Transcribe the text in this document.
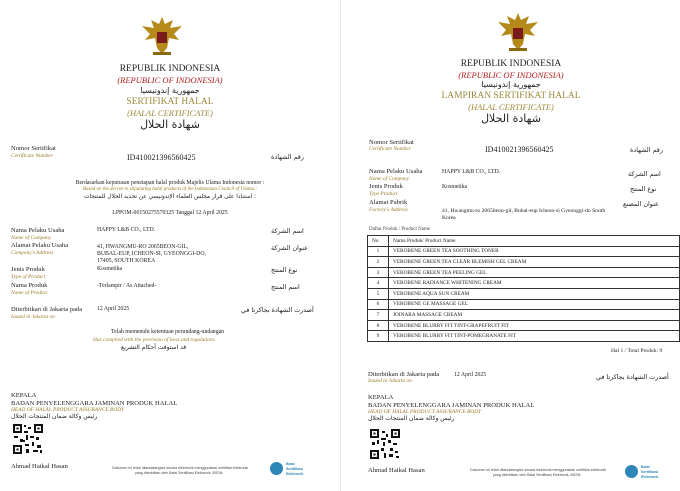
REPUBLIK INDONESIA
(REPUBLIC OF INDONESIA)
جمهورية إندونيسيا
SERTIFIKAT HALAL
(HALAL CERTIFICATE)
شهادة الحلال
Nomor Sertifikat
Certificate Number	ID410021396560425	رقم الشهادة
Berdasarkan keputusan penetapan halal produk Majelis Ulama Indonesia nomor :
Based on the decree to stipulating halal products of the Indonesian Council of Ulama :
استنادا على قرار مجلس العلماء الإندونيسي عن تحديد الحلال للمنتجات :
LPPOM-00150275570325 Tanggal 12 April 2025
Nama Pelaku Usaha
Name of Company
HAPPY L&B CO., LTD.	اسم الشركة
Alamat Pelaku Usaha
Company's Address
41, HWANGMU-RO 2065BEON-GIL,
BUBAL-EUP, ICHEON-SI, GYEONGGI-DO,
17405, SOUTH KOREA
عنوان الشركة
Jenis Produk
Type of Product
Kosmetika	نوع المنتج
Nama Produk
Name of Product
-Terlampir / As Attached-	اسم المنتج
Diterbitkan di Jakarta pada
Issued in Jakarta on
12 April 2025	أصدرت الشهادة بجاكرتا في
Telah memenuhi ketentuan perundang-undangan
Has complied with the provision of laws and regulations
قد استوفت أحكام التشريع
KEPALA
BADAN PENYELENGGARA JAMINAN PRODUK HALAL
HEAD OF HALAL PRODUCT ASSURANCE BODY
رئيس وكالة ضمان المنتجات الحلال
Ahmad Haikal Hasan	Dokumen ini telah ditandatangani secara elektronik menggunakan sertifikat elektronik
yang diterbitkan oleh Balai Sertifikasi Elektronik, BSSN.
Balai
Sertifikasi
Elektronik
REPUBLIK INDONESIA
(REPUBLIC OF INDONESIA)
جمهورية إندونيسيا
LAMPIRAN SERTIFIKAT HALAL
(HALAL CERTIFICATE)
شهادة الحلال
Nomor Sertifikat
Certificate Number	ID410021396560425	رقم الشهادة
Nama Pelaku Usaha
Name of Company
HAPPY L&B CO., LTD.	اسم الشركة
Jenis Produk
Type Product
Kosmetika	نوع المنتج
Alamat Pabrik
Factory's Address	41, Hwangmu-ro 2065beon-gil, Bubal-eup Icheon-si Gyeonggi-do South
Korea
عنوان المصنع
Daftar Produk / Product Name
No	Nama Produk/ Product Name
1	VEROBENE GREEN TEA SOOTHING TONER
2	VEROBENE GREEN TEA CLEAR BLEMISH GEL CREAM
3	VEROBENE GREEN TEA PEELING GEL
4	VEROBENE RADIANCE WHITENING CREAM
5	VEROBENE AQUA SUN CREAM
6	VEROBENE GE MASSAGE GEL
7	JOINARA MASSAGE CREAM
8	VEROBENE BLURRY FIT TINT-GRAPEFRUIT FIT
9	VEROBENE BLURRY FIT TINT-POMEGRANATE FIT
Hal 1 / Total Produk: 9
Diterbitkan di Jakarta pada
Issued in Jakarta on
12 April 2025	أصدرت الشهادة بجاكرتا في
KEPALA
BADAN PENYELENGGARA JAMINAN PRODUK HALAL
HEAD OF HALAL PRODUCT ASSURANCE BODY
رئيس وكالة ضمان المنتجات الحلال
Ahmad Haikal Hasan	Dokumen ini telah ditandatangani secara elektronik menggunakan sertifikat elektronik
yang diterbitkan oleh Balai Sertifikasi Elektronik, BSSN.
Balai
Sertifikasi
Elektronik
